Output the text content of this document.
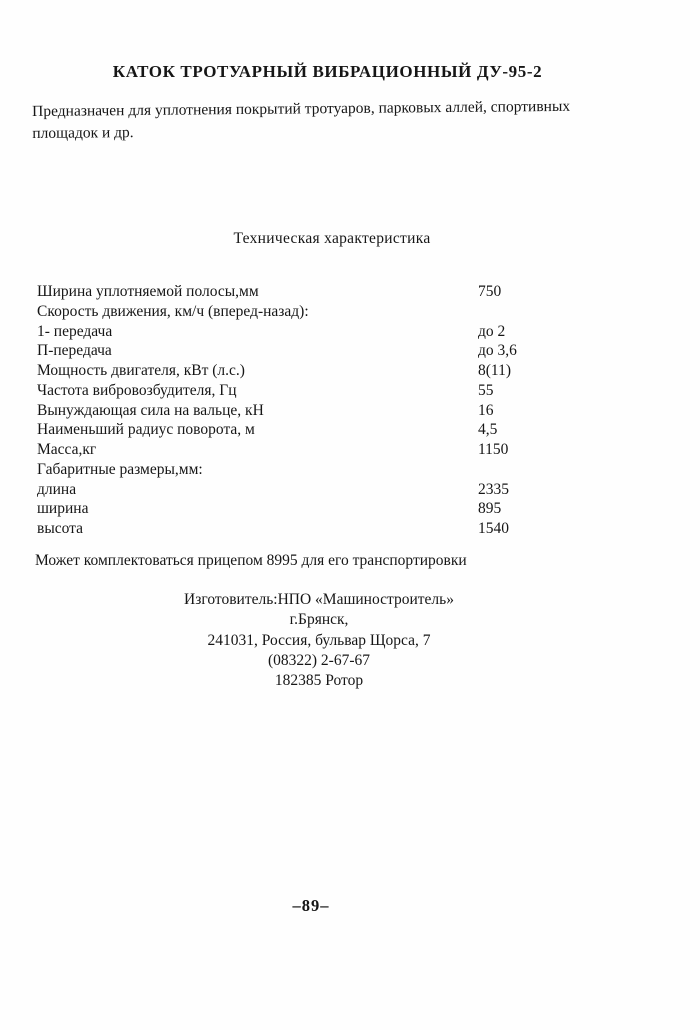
КАТОК ТРОТУАРНЫЙ ВИБРАЦИОННЫЙ ДУ-95-2

Предназначен для уплотнения покрытий тротуаров, парковых аллей, спортивных
площадок и др.

Техническая характеристика
Ширина уплотняемой полосы,мм	750
Скорость движения, км/ч (вперед-назад):
1- передача	до 2
П-передача	до 3,6
Мощность двигателя, кВт (л.с.)	8(11)
Частота вибровозбудителя, Гц	55
Вынуждающая сила на вальце, кН	16
Наименьший радиус поворота, м	4,5
Масса,кг	1150
Габаритные размеры,мм:
длина	2335
ширина	895
высота	1540

Может комплектоваться прицепом 8995 для его транспортировки

Изготовитель:НПО «Машиностроитель»
г.Брянск,
241031, Россия, бульвар Щорса, 7
(08322) 2-67-67
182385 Ротор
–89–
